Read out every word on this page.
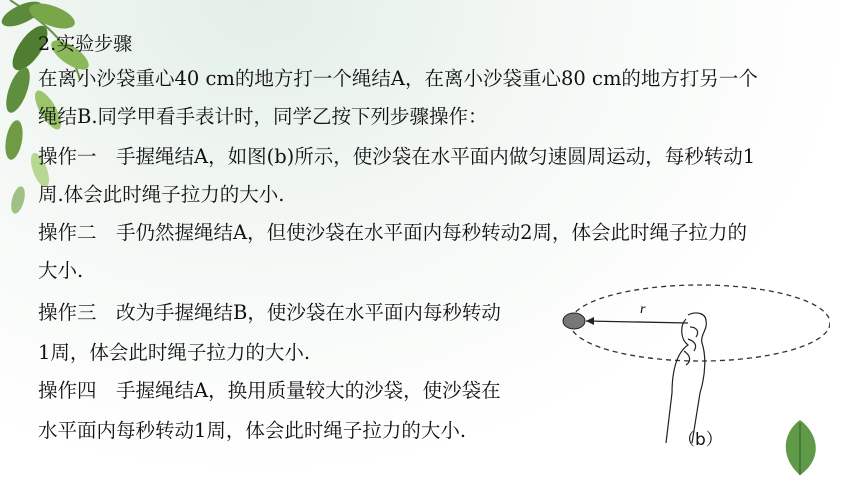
2.实验步骤
在离小沙袋重心40 cm的地方打一个绳结A，在离小沙袋重心80 cm的地方打另一个
绳结B.同学甲看手表计时，同学乙按下列步骤操作：
操作一　手握绳结A，如图(b)所示，使沙袋在水平面内做匀速圆周运动，每秒转动1
周.体会此时绳子拉力的大小.
操作二　手仍然握绳结A，但使沙袋在水平面内每秒转动2周，体会此时绳子拉力的
大小.
操作三　改为手握绳结B，使沙袋在水平面内每秒转动
1周，体会此时绳子拉力的大小.
操作四　手握绳结A，换用质量较大的沙袋，使沙袋在
水平面内每秒转动1周，体会此时绳子拉力的大小.
r
（b）
